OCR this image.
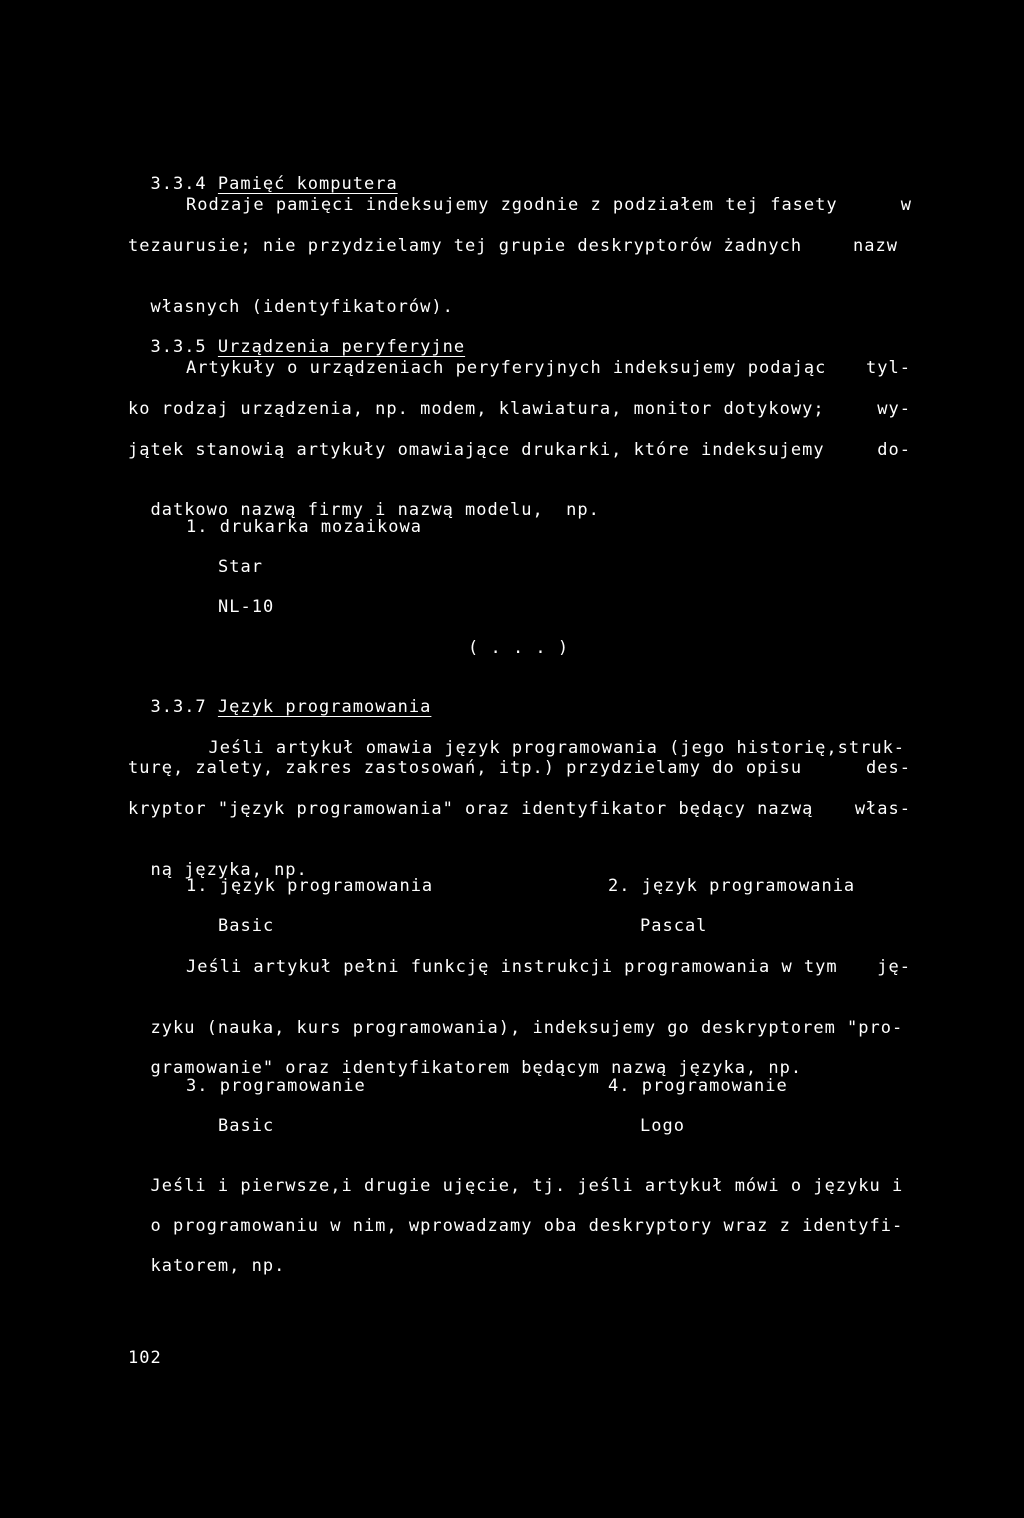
3.3.4 Pamięć komputera

Rodzaje pamięci indeksujemy zgodnie z podziałem tej fasety	w
tezaurusie; nie przydzielamy tej grupie deskryptorów żadnych	nazw

własnych (identyfikatorów).

3.3.5 Urządzenia peryferyjne

Artykuły o urządzeniach peryferyjnych indeksujemy podając tyl-
ko rodzaj urządzenia, np. modem, klawiatura, monitor dotykowy;	wy-
jątek stanowią artykuły omawiające drukarki, które indeksujemy	do-

datkowo nazwą firmy i nazwą modelu,  np.

1. drukarka mozaikowa
Star
NL-10
( . . . )

3.3.7 Język programowania

Jeśli artykuł omawia język programowania (jego historię,struk-

turę, zalety, zakres zastosowań, itp.) przydzielamy do opisu	des-
kryptor "język programowania" oraz identyfikator będący nazwą włas-

ną języka, np.

1. język programowania	2. język programowania
Basic	Pascal
Jeśli artykuł pełni funkcję instrukcji programowania w tym ję-

zyku (nauka, kurs programowania), indeksujemy go deskryptorem "pro-

gramowanie" oraz identyfikatorem będącym nazwą języka, np.

3. programowanie	4. programowanie
Basic	Logo

Jeśli i pierwsze,i drugie ujęcie, tj. jeśli artykuł mówi o języku i

o programowaniu w nim, wprowadzamy oba deskryptory wraz z identyfi-

katorem, np.

102
